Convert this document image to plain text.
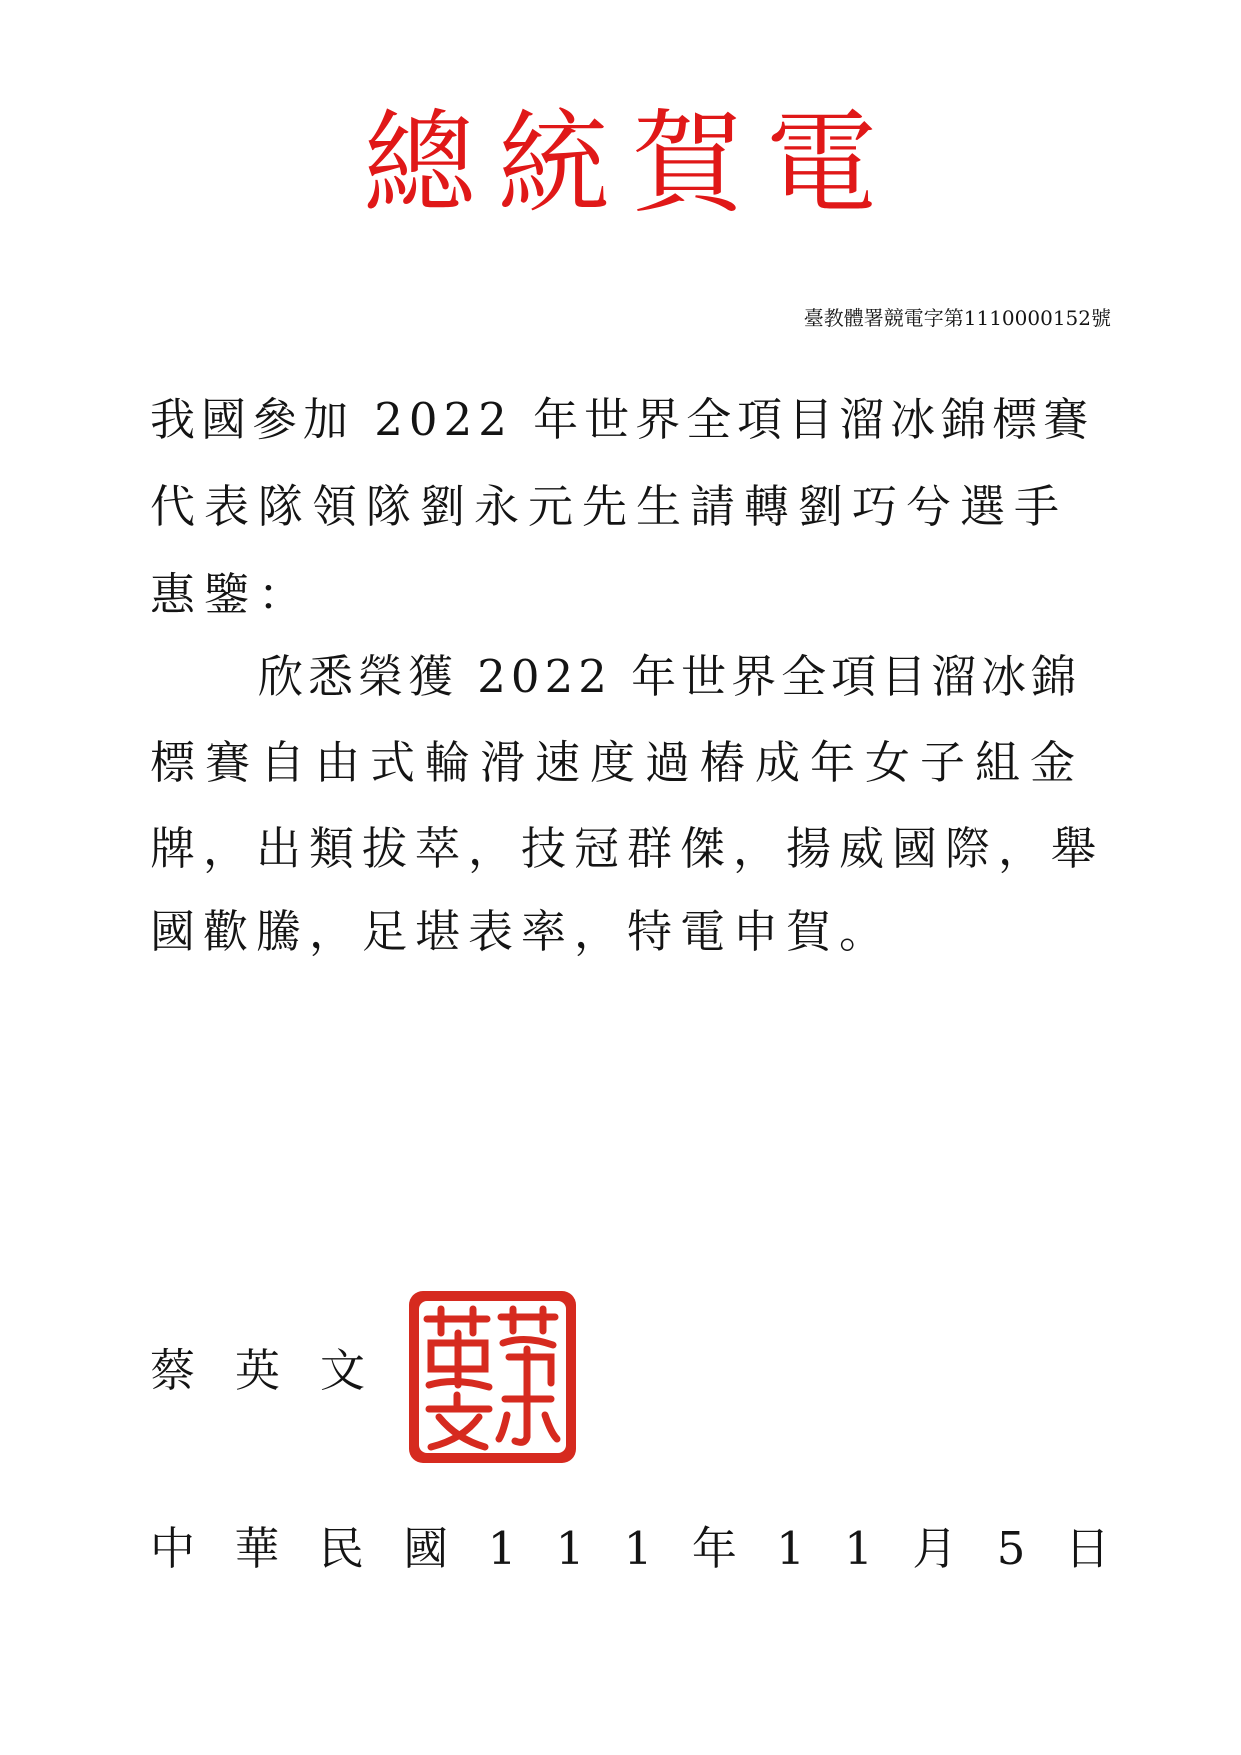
總統賀電
臺教體署競電字第1110000152號
我國參加 2022 年世界全項目溜冰錦標賽
代表隊領隊劉永元先生請轉劉巧兮選手
惠鑒：
欣悉榮獲 2022 年世界全項目溜冰錦
標賽自由式輪滑速度過樁成年女子組金
牌，出類拔萃，技冠群傑，揚威國際，舉
國歡騰，足堪表率，特電申賀。
蔡英文
中 華 民 國 1 1 1 年 1 1 月 5 日
